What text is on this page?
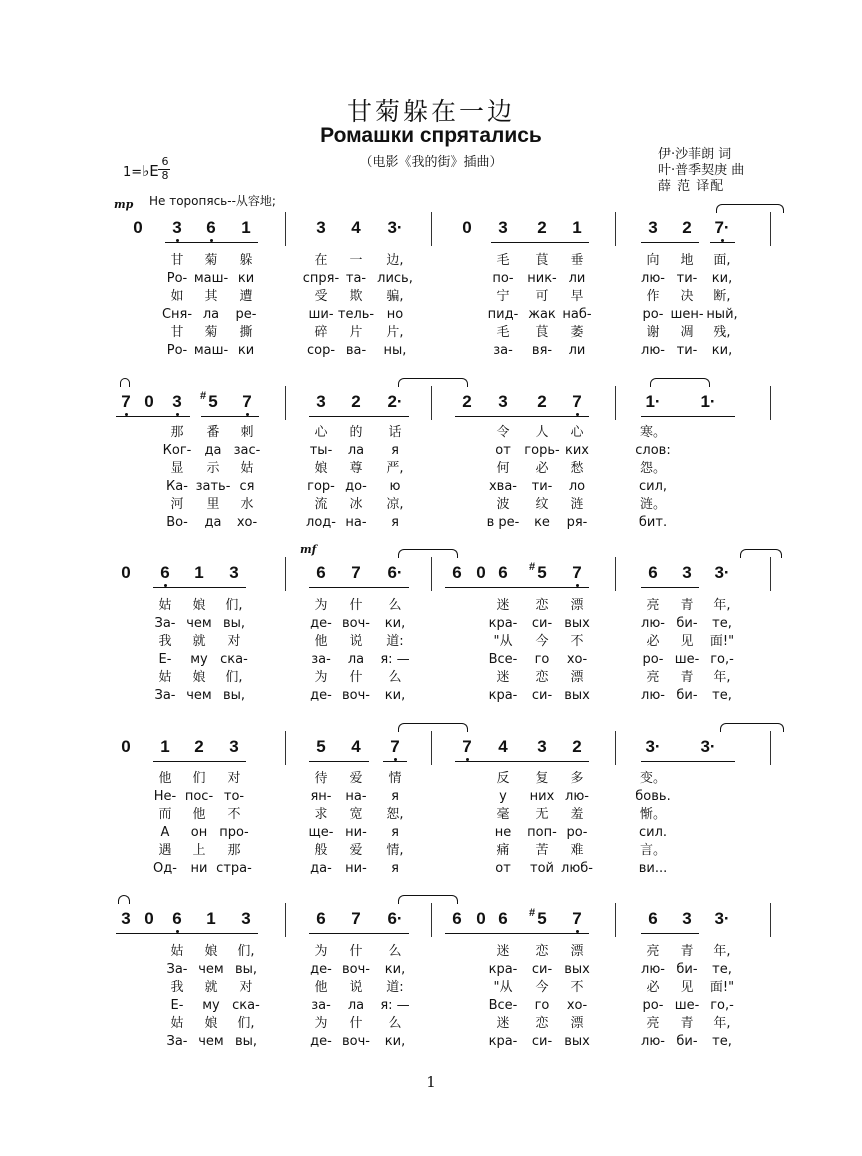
甘菊躲在一边
Ромашки спрятались
（电影《我的街》插曲）
伊·沙菲朗 词
叶·普季契庚 曲
薛 范 译配
1=♭E
6
8
mp Не торопясь--从容地;
0	3	6	1	3	4	3·	0	3	2	1	3	2	7·
7 0	3	# 5	7	3	2	2·	2	3	2	7	1· 1·
0	6	1	3	6	7	6·	6 0 6	# 5	7	6	3	3·
mf
0	1	2	3	5	4	7	7	4	3	2	3· 3·
3 0	6	1	3	6	7	6·	6 0 6	# 5	7	6	3	3·
1
甘	菊	躲	在	一	边,	毛	茛	垂	向	地	面,
Ро- маш- ки	спря- та- лись,	по-	ник- ли	лю- ти-	ки,
如	其	遭	受	欺	骗,	宁	可	早	作	决	断,
Сня- ла	ре-	ши- тель- но	пид- жак наб-	ро- шен- ный,
甘	菊	撕	碎	片	片,	毛	茛	萎	谢	凋	残,
Ро- маш- ки	сор- ва-	ны,	за-	вя-	ли	лю- ти-	ки,
那	番	刺	心	的	话	令	人	心	寒。
Ког-	да зас-	ты-	ла	я	от	горь- ких	слов:
显	示	姑	娘	尊	严,	何	必	愁	怨。
Ка- зать- ся	гор- до-	ю	хва-	ти-	ло	сил,
河	里	水	流	冰	凉,	波	纹	涟	涟。
Во-	да	хо-	лод- на-	я	в ре-	ке	ря-	бит.
姑	娘	们,	为	什	么	迷	恋	漂	亮	青	年,
За- чем вы,	де- воч-	ки,	кра-	си- вых	лю- би-	те,
我	就	对	他	说	道:	"从	今	不	必	见	面!"
Е-	му ска-	за-	ла	я: —	Все-	го	хо-	ро- ше- го,-
姑	娘	们,	为	什	么	迷	恋	漂	亮	青	年,
За- чем вы,	де- воч-	ки,	кра-	си- вых	лю- би-	те,
他	们	对	待	爱	情	反	复	多	变。
Не- пос- то-	ян-	на-	я	у	них лю-	бовь.
而	他	不	求	宽	恕,	毫	无	羞	惭。
А	он про-	ще- ни-	я	не	поп- ро-	сил.
遇	上	那	般	爱	情,	痛	苦	难	言。
Од-	ни стра-	да-	ни-	я	от	той люб-	ви...
姑	娘	们,	为	什	么	迷	恋	漂	亮	青	年,
За- чем вы,	де- воч-	ки,	кра-	си- вых	лю- би-	те,
我	就	对	他	说	道:	"从	今	不	必	见	面!"
Е-	му ска-	за-	ла	я: —	Все-	го	хо-	ро- ше- го,-
姑	娘	们,	为	什	么	迷	恋	漂	亮	青	年,
За- чем вы,	де- воч-	ки,	кра-	си- вых	лю- би-	те,
